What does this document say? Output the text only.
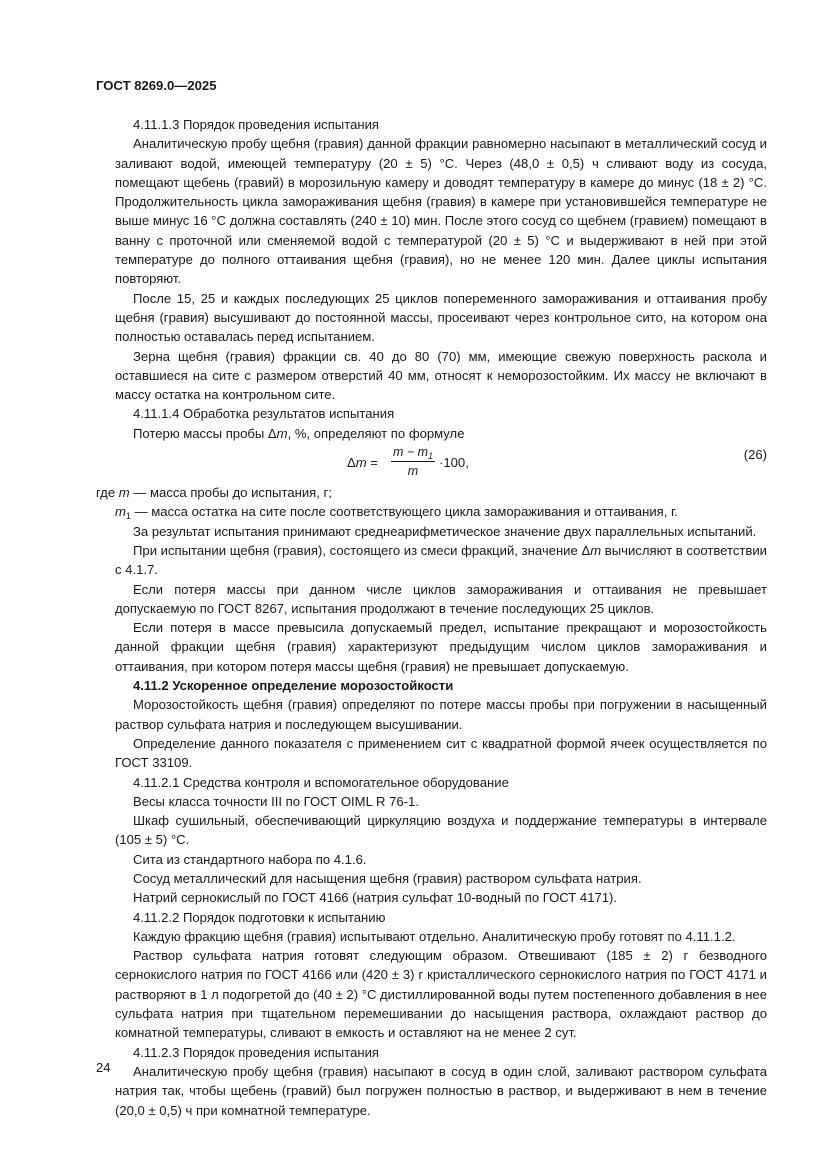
ГОСТ 8269.0—2025

4.11.1.3 Порядок проведения испытания

Аналитическую пробу щебня (гравия) данной фракции равномерно насыпают в металлический сосуд и заливают водой, имеющей температуру (20 ± 5) °С. Через (48,0 ± 0,5) ч сливают воду из сосуда, помещают щебень (гравий) в морозильную камеру и доводят температуру в камере до минус (18 ± 2) °С. Продолжительность цикла замораживания щебня (гравия) в камере при установившейся температуре не выше минус 16 °С должна составлять (240 ± 10) мин. После этого сосуд со щебнем (гравием) помещают в ванну с проточной или сменяемой водой с температурой (20 ± 5) °С и выдерживают в ней при этой температуре до полного оттаивания щебня (гравия), но не менее 120 мин. Далее циклы испытания повторяют.

После 15, 25 и каждых последующих 25 циклов попеременного замораживания и оттаивания пробу щебня (гравия) высушивают до постоянной массы, просеивают через контрольное сито, на котором она полностью оставалась перед испытанием.

Зерна щебня (гравия) фракции св. 40 до 80 (70) мм, имеющие свежую поверхность раскола и оставшиеся на сите с размером отверстий 40 мм, относят к неморозостойким. Их массу не включают в массу остатка на контрольном сите.

4.11.1.4 Обработка результатов испытания

Потерю массы пробы Δm, %, определяют по формуле

Δm =
$m - m_1$
m
·100,
(26)

где m — масса пробы до испытания, г;
$m_1$ — масса остатка на сите после соответствующего цикла замораживания и оттаивания, г.

За результат испытания принимают среднеарифметическое значение двух параллельных испытаний.

При испытании щебня (гравия), состоящего из смеси фракций, значение Δm вычисляют в соответствии с 4.1.7.

Если потеря массы при данном числе циклов замораживания и оттаивания не превышает допускаемую по ГОСТ 8267, испытания продолжают в течение последующих 25 циклов.

Если потеря в массе превысила допускаемый предел, испытание прекращают и морозостойкость данной фракции щебня (гравия) характеризуют предыдущим числом циклов замораживания и оттаивания, при котором потеря массы щебня (гравия) не превышает допускаемую.

4.11.2 Ускоренное определение морозостойкости

Морозостойкость щебня (гравия) определяют по потере массы пробы при погружении в насыщенный раствор сульфата натрия и последующем высушивании.

Определение данного показателя с применением сит с квадратной формой ячеек осуществляется по ГОСТ 33109.

4.11.2.1 Средства контроля и вспомогательное оборудование

Весы класса точности III по ГОСТ OIML R 76-1.

Шкаф сушильный, обеспечивающий циркуляцию воздуха и поддержание температуры в интервале (105 ± 5) °С.

Сита из стандартного набора по 4.1.6.

Сосуд металлический для насыщения щебня (гравия) раствором сульфата натрия.

Натрий сернокислый по ГОСТ 4166 (натрия сульфат 10-водный по ГОСТ 4171).

4.11.2.2 Порядок подготовки к испытанию

Каждую фракцию щебня (гравия) испытывают отдельно. Аналитическую пробу готовят по 4.11.1.2.

Раствор сульфата натрия готовят следующим образом. Отвешивают (185 ± 2) г безводного сернокислого натрия по ГОСТ 4166 или (420 ± 3) г кристаллического сернокислого натрия по ГОСТ 4171 и растворяют в 1 л подогретой до (40 ± 2) °С дистиллированной воды путем постепенного добавления в нее сульфата натрия при тщательном перемешивании до насыщения раствора, охлаждают раствор до комнатной температуры, сливают в емкость и оставляют на не менее 2 сут.

4.11.2.3 Порядок проведения испытания

Аналитическую пробу щебня (гравия) насыпают в сосуд в один слой, заливают раствором сульфата натрия так, чтобы щебень (гравий) был погружен полностью в раствор, и выдерживают в нем в течение (20,0 ± 0,5) ч при комнатной температуре.

24
